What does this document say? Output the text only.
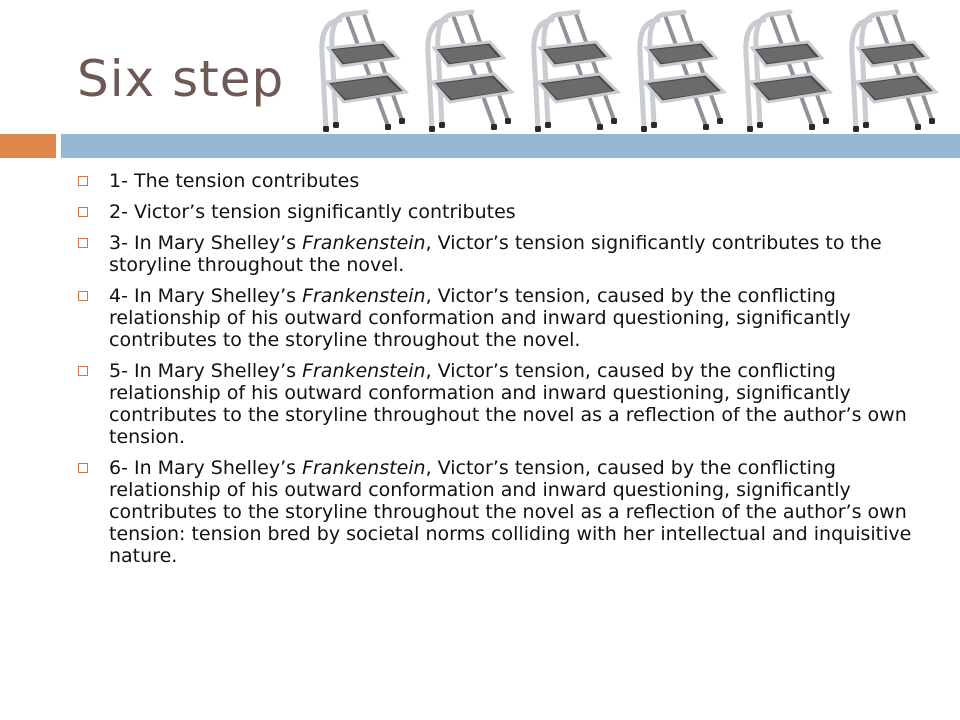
Six step
1- The tension contributes
2- Victor’s tension significantly contributes
3- In Mary Shelley’s Frankenstein, Victor’s tension significantly contributes to the storyline throughout the novel.
4- In Mary Shelley’s Frankenstein, Victor’s tension, caused by the conflicting relationship of his outward conformation and inward questioning, significantly contributes to the storyline throughout the novel.
5- In Mary Shelley’s Frankenstein, Victor’s tension, caused by the conflicting relationship of his outward conformation and inward questioning, significantly contributes to the storyline throughout the novel as a reflection of the author’s own tension.
6- In Mary Shelley’s Frankenstein, Victor’s tension, caused by the conflicting relationship of his outward conformation and inward questioning, significantly contributes to the storyline throughout the novel as a reflection of the author’s own tension: tension bred by societal norms colliding with her intellectual and inquisitive nature.
